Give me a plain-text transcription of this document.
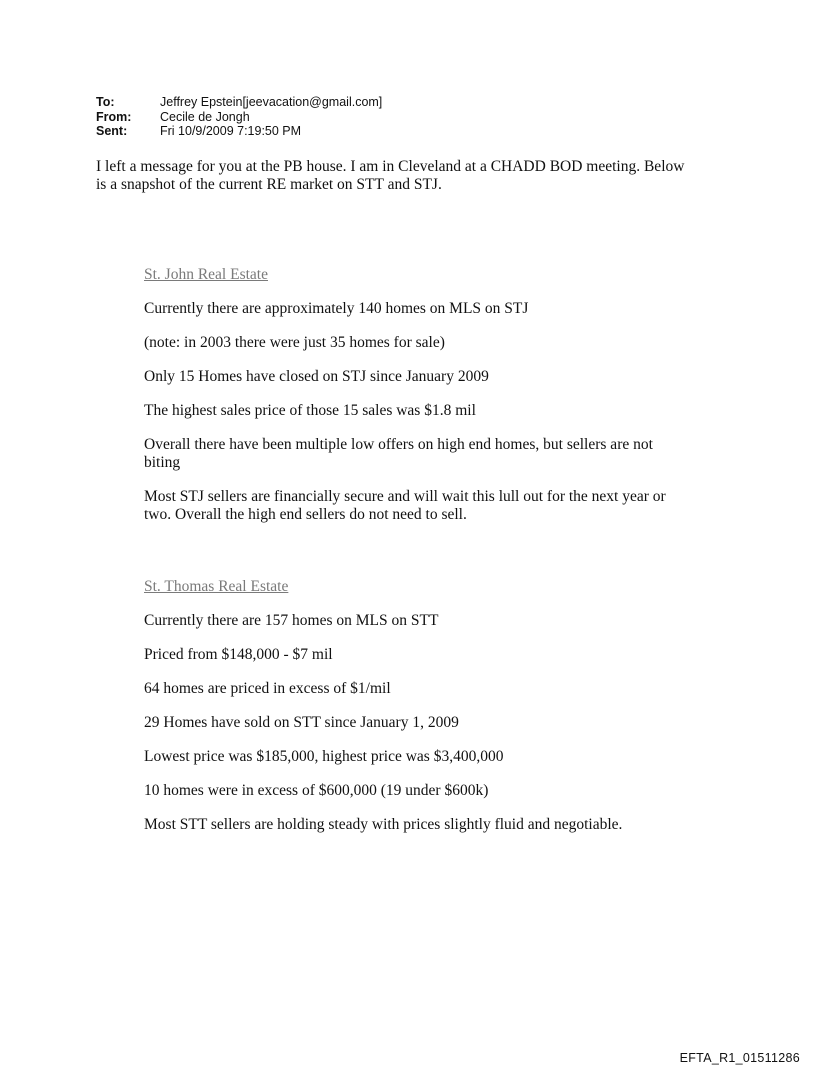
To:	Jeffrey Epstein[jeevacation@gmail.com]
From:	Cecile de Jongh
Sent:	Fri 10/9/2009 7:19:50 PM
I left a message for you at the PB house. I am in Cleveland at a CHADD BOD meeting. Below
is a snapshot of the current RE market on STT and STJ.

St. John Real Estate

Currently there are approximately 140 homes on MLS on STJ

(note: in 2003 there were just 35 homes for sale)

Only 15 Homes have closed on STJ since January 2009

The highest sales price of those 15 sales was $1.8 mil

Overall there have been multiple low offers on high end homes, but sellers are not biting

Most STJ sellers are financially secure and will wait this lull out for the next year or two. Overall the high end sellers do not need to sell.

St. Thomas Real Estate

Currently there are 157 homes on MLS on STT

Priced from $148,000 - $7 mil

64 homes are priced in excess of $1/mil

29 Homes have sold on STT since January 1, 2009

Lowest price was $185,000, highest price was $3,400,000

10 homes were in excess of $600,000 (19 under $600k)

Most STT sellers are holding steady with prices slightly fluid and negotiable.

EFTA_R1_01511286
